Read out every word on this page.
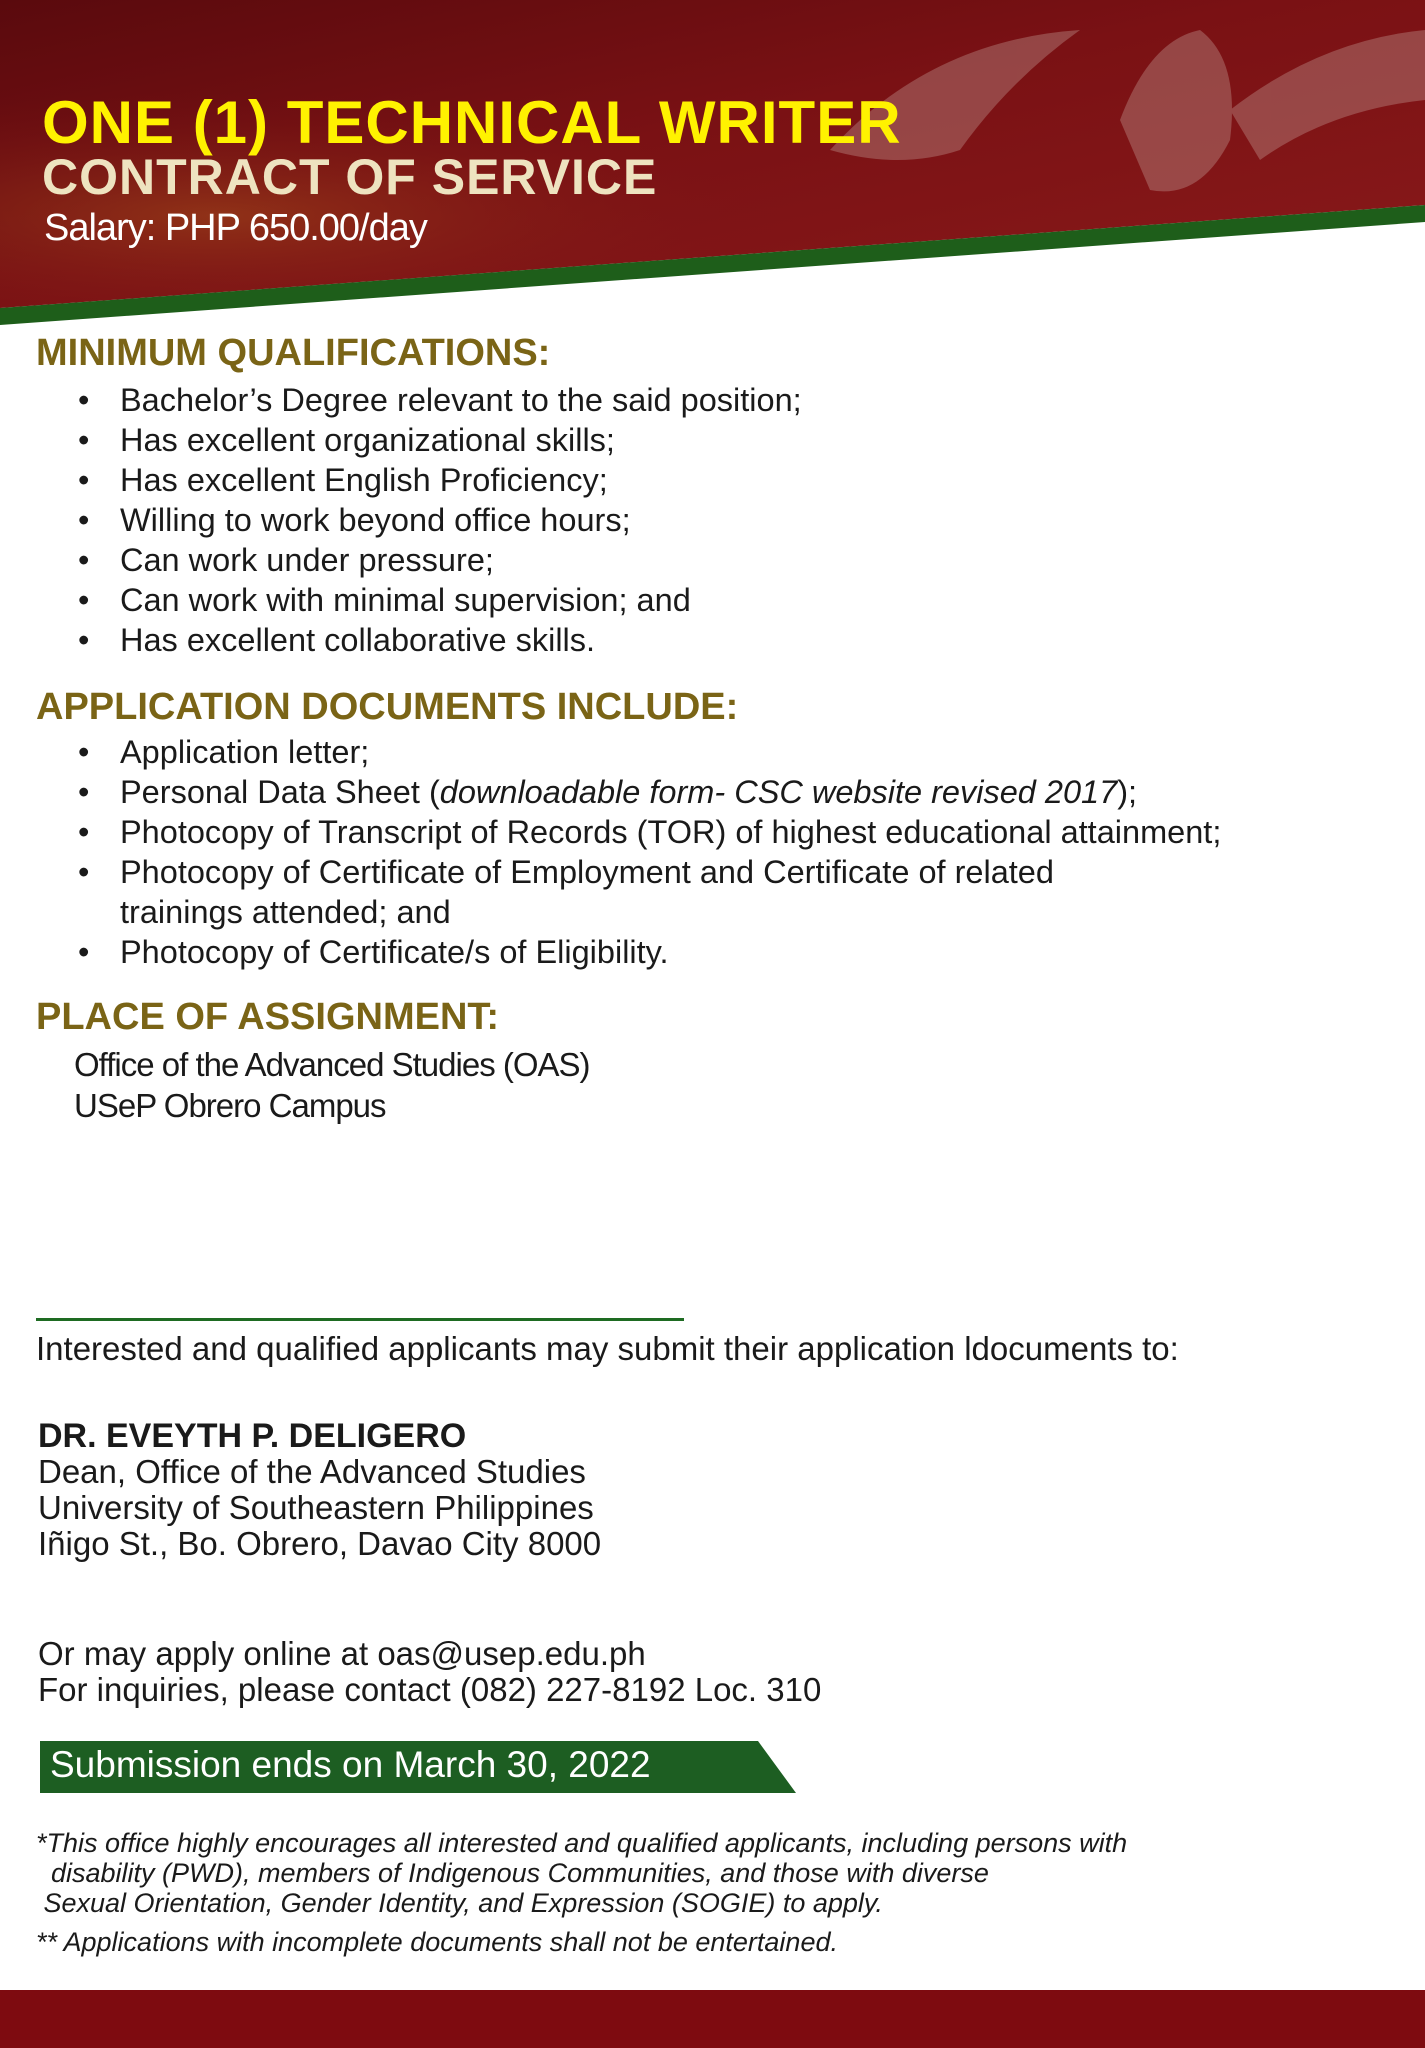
ONE (1) TECHNICAL WRITER
CONTRACT OF SERVICE
Salary: PHP 650.00/day
MINIMUM QUALIFICATIONS:
• Bachelor’s Degree relevant to the said position;
• Has excellent organizational skills;
• Has excellent English Proficiency;
• Willing to work beyond office hours;
• Can work under pressure;
• Can work with minimal supervision; and
• Has excellent collaborative skills.
APPLICATION DOCUMENTS INCLUDE:
• Application letter;
• Personal Data Sheet (downloadable form- CSC website revised 2017);
• Photocopy of Transcript of Records (TOR) of highest educational attainment;
• Photocopy of Certificate of Employment and Certificate of related
trainings attended; and
• Photocopy of Certificate/s of Eligibility.
PLACE OF ASSIGNMENT:
Office of the Advanced Studies (OAS)
USeP Obrero Campus
Interested and qualified applicants may submit their application ldocuments to:
DR. EVEYTH P. DELIGERO
Dean, Office of the Advanced Studies
University of Southeastern Philippines
Iñigo St., Bo. Obrero, Davao City 8000
Or may apply online at oas@usep.edu.ph
For inquiries, please contact (082) 227-8192 Loc. 310
Submission ends on March 30, 2022
*This office highly encourages all interested and qualified applicants, including persons with
disability (PWD), members of Indigenous Communities, and those with diverse
Sexual Orientation, Gender Identity, and Expression (SOGIE) to apply.
** Applications with incomplete documents shall not be entertained.
